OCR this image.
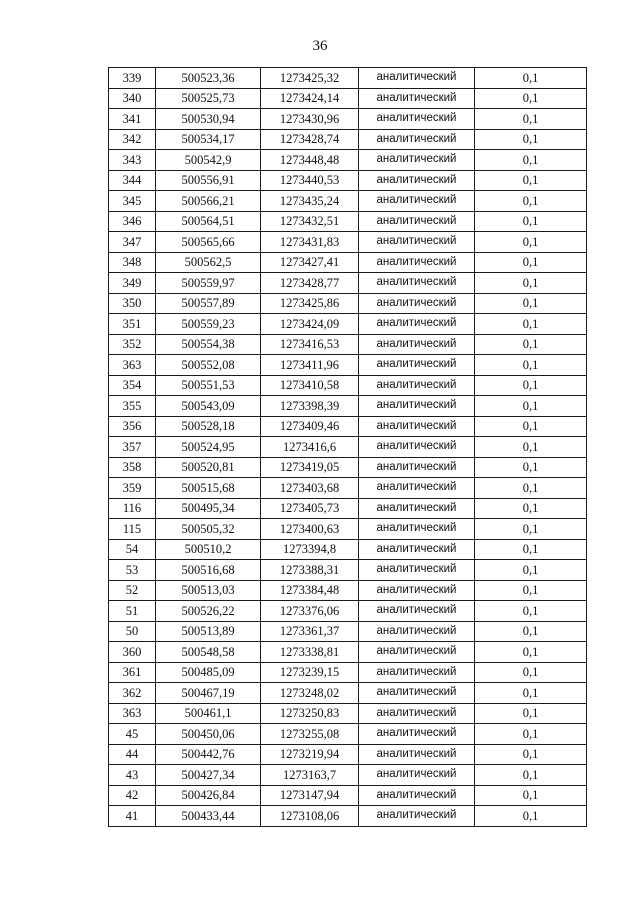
36
339	500523,36	1273425,32	аналитический	0,1
340	500525,73	1273424,14	аналитический	0,1
341	500530,94	1273430,96	аналитический	0,1
342	500534,17	1273428,74	аналитический	0,1
343	500542,9	1273448,48	аналитический	0,1
344	500556,91	1273440,53	аналитический	0,1
345	500566,21	1273435,24	аналитический	0,1
346	500564,51	1273432,51	аналитический	0,1
347	500565,66	1273431,83	аналитический	0,1
348	500562,5	1273427,41	аналитический	0,1
349	500559,97	1273428,77	аналитический	0,1
350	500557,89	1273425,86	аналитический	0,1
351	500559,23	1273424,09	аналитический	0,1
352	500554,38	1273416,53	аналитический	0,1
363	500552,08	1273411,96	аналитический	0,1
354	500551,53	1273410,58	аналитический	0,1
355	500543,09	1273398,39	аналитический	0,1
356	500528,18	1273409,46	аналитический	0,1
357	500524,95	1273416,6	аналитический	0,1
358	500520,81	1273419,05	аналитический	0,1
359	500515,68	1273403,68	аналитический	0,1
116	500495,34	1273405,73	аналитический	0,1
115	500505,32	1273400,63	аналитический	0,1
54	500510,2	1273394,8	аналитический	0,1
53	500516,68	1273388,31	аналитический	0,1
52	500513,03	1273384,48	аналитический	0,1
51	500526,22	1273376,06	аналитический	0,1
50	500513,89	1273361,37	аналитический	0,1
360	500548,58	1273338,81	аналитический	0,1
361	500485,09	1273239,15	аналитический	0,1
362	500467,19	1273248,02	аналитический	0,1
363	500461,1	1273250,83	аналитический	0,1
45	500450,06	1273255,08	аналитический	0,1
44	500442,76	1273219,94	аналитический	0,1
43	500427,34	1273163,7	аналитический	0,1
42	500426,84	1273147,94	аналитический	0,1
41	500433,44	1273108,06	аналитический	0,1
